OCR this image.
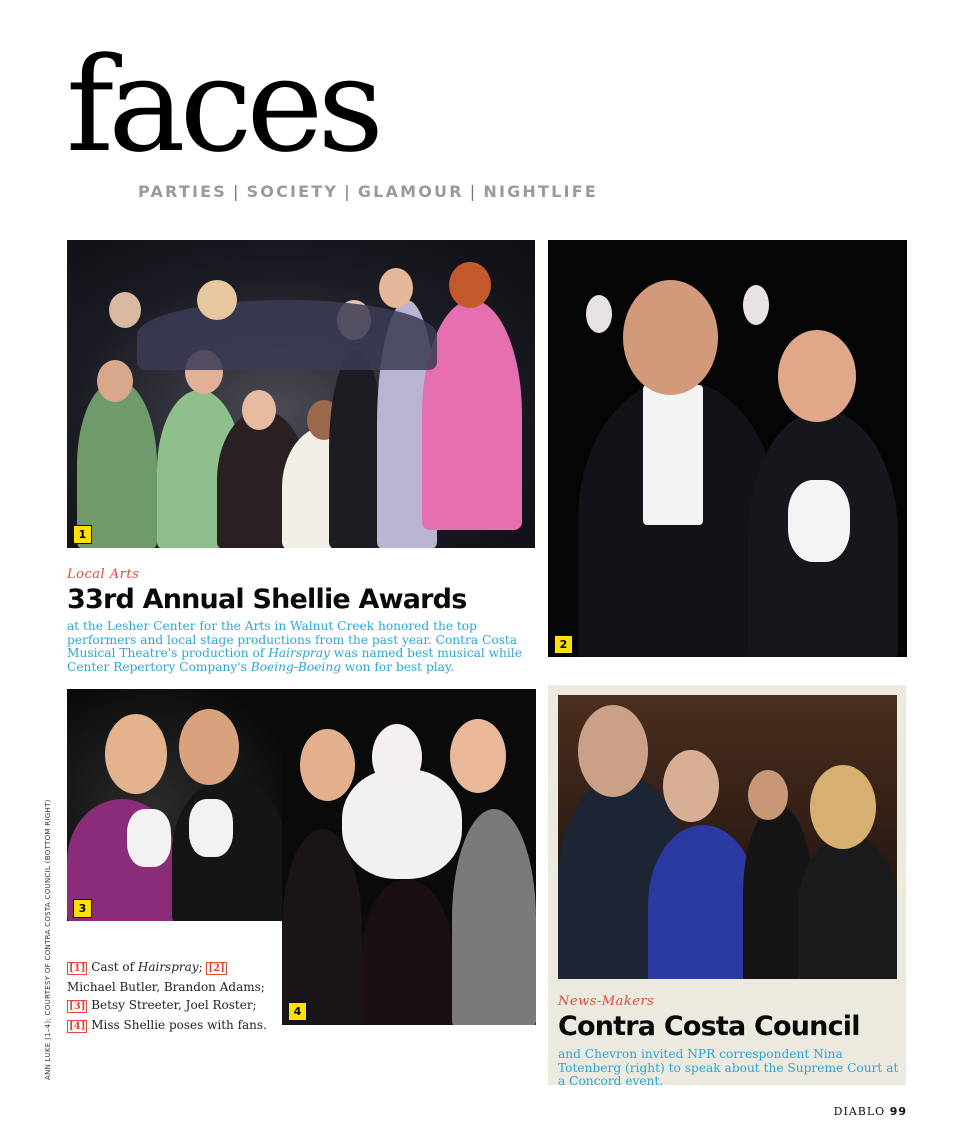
faces
PARTIES | SOCIETY | GLAMOUR | NIGHTLIFE
1
2
Local Arts
33rd Annual Shellie Awards
at the Lesher Center for the Arts in Walnut Creek honored the top performers and local stage productions from the past year. Contra Costa Musical Theatre's production of Hairspray was named best musical while Center Repertory Company's Boeing-Boeing won for best play.
3
4
[1] Cast of Hairspray; [2] Michael Butler, Brandon Adams; [3] Betsy Streeter, Joel Roster; [4] Miss Shellie poses with fans.
News-Makers
Contra Costa Council
and Chevron invited NPR correspondent Nina Totenberg (right) to speak about the Supreme Court at a Concord event.
ANN LUKE (1–4); COURTESY OF CONTRA COSTA COUNCIL (BOTTOM RIGHT)
DIABLO 99
